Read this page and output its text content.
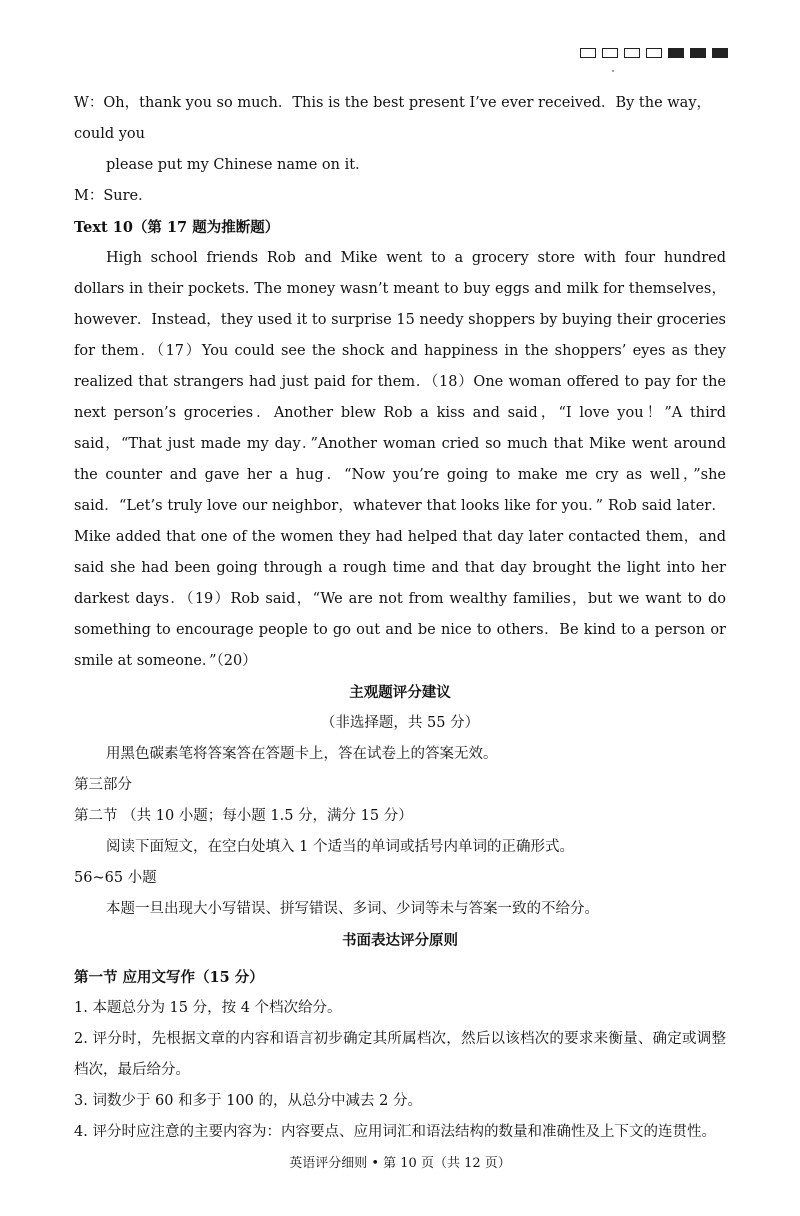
W：Oh，thank you so much．This is the best present I’ve ever received．By the way，could you

please put my Chinese name on it．

M：Sure．

Text 10（第 17 题为推断题）

High school friends Rob and Mike went to a grocery store with four hundred dollars in their pockets. The money wasn’t meant to buy eggs and milk for themselves，however．Instead，they used it to surprise 15 needy shoppers by buying their groceries for them．（17）You could see the shock and happiness in the shoppers’ eyes as they realized that strangers had just paid for them．（18）One woman offered to pay for the next person’s groceries．Another blew Rob a kiss and said，“I love you！”A third said，“That just made my day．”Another woman cried so much that Mike went around the counter and gave her a hug．“Now you’re going to make me cry as well，”she said．“Let’s truly love our neighbor，whatever that looks like for you．” Rob said later．Mike added that one of the women they had helped that day later contacted them，and said she had been going through a rough time and that day brought the light into her darkest days．（19）Rob said，“We are not from wealthy families，but we want to do something to encourage people to go out and be nice to others．Be kind to a person or smile at someone．”（20）

主观题评分建议

（非选择题，共 55 分）

用黑色碳素笔将答案答在答题卡上，答在试卷上的答案无效。

第三部分

第二节 （共 10 小题；每小题 1.5 分，满分 15 分）

阅读下面短文，在空白处填入 1 个适当的单词或括号内单词的正确形式。

56~65 小题

本题一旦出现大小写错误、拼写错误、多词、少词等未与答案一致的不给分。

书面表达评分原则

第一节 应用文写作（15 分）

1. 本题总分为 15 分，按 4 个档次给分。

2. 评分时，先根据文章的内容和语言初步确定其所属档次，然后以该档次的要求来衡量、确定或调整档次，最后给分。

3. 词数少于 60 和多于 100 的，从总分中减去 2 分。

4. 评分时应注意的主要内容为：内容要点、应用词汇和语法结构的数量和准确性及上下文的连贯性。

英语评分细则 • 第 10 页（共 12 页）
